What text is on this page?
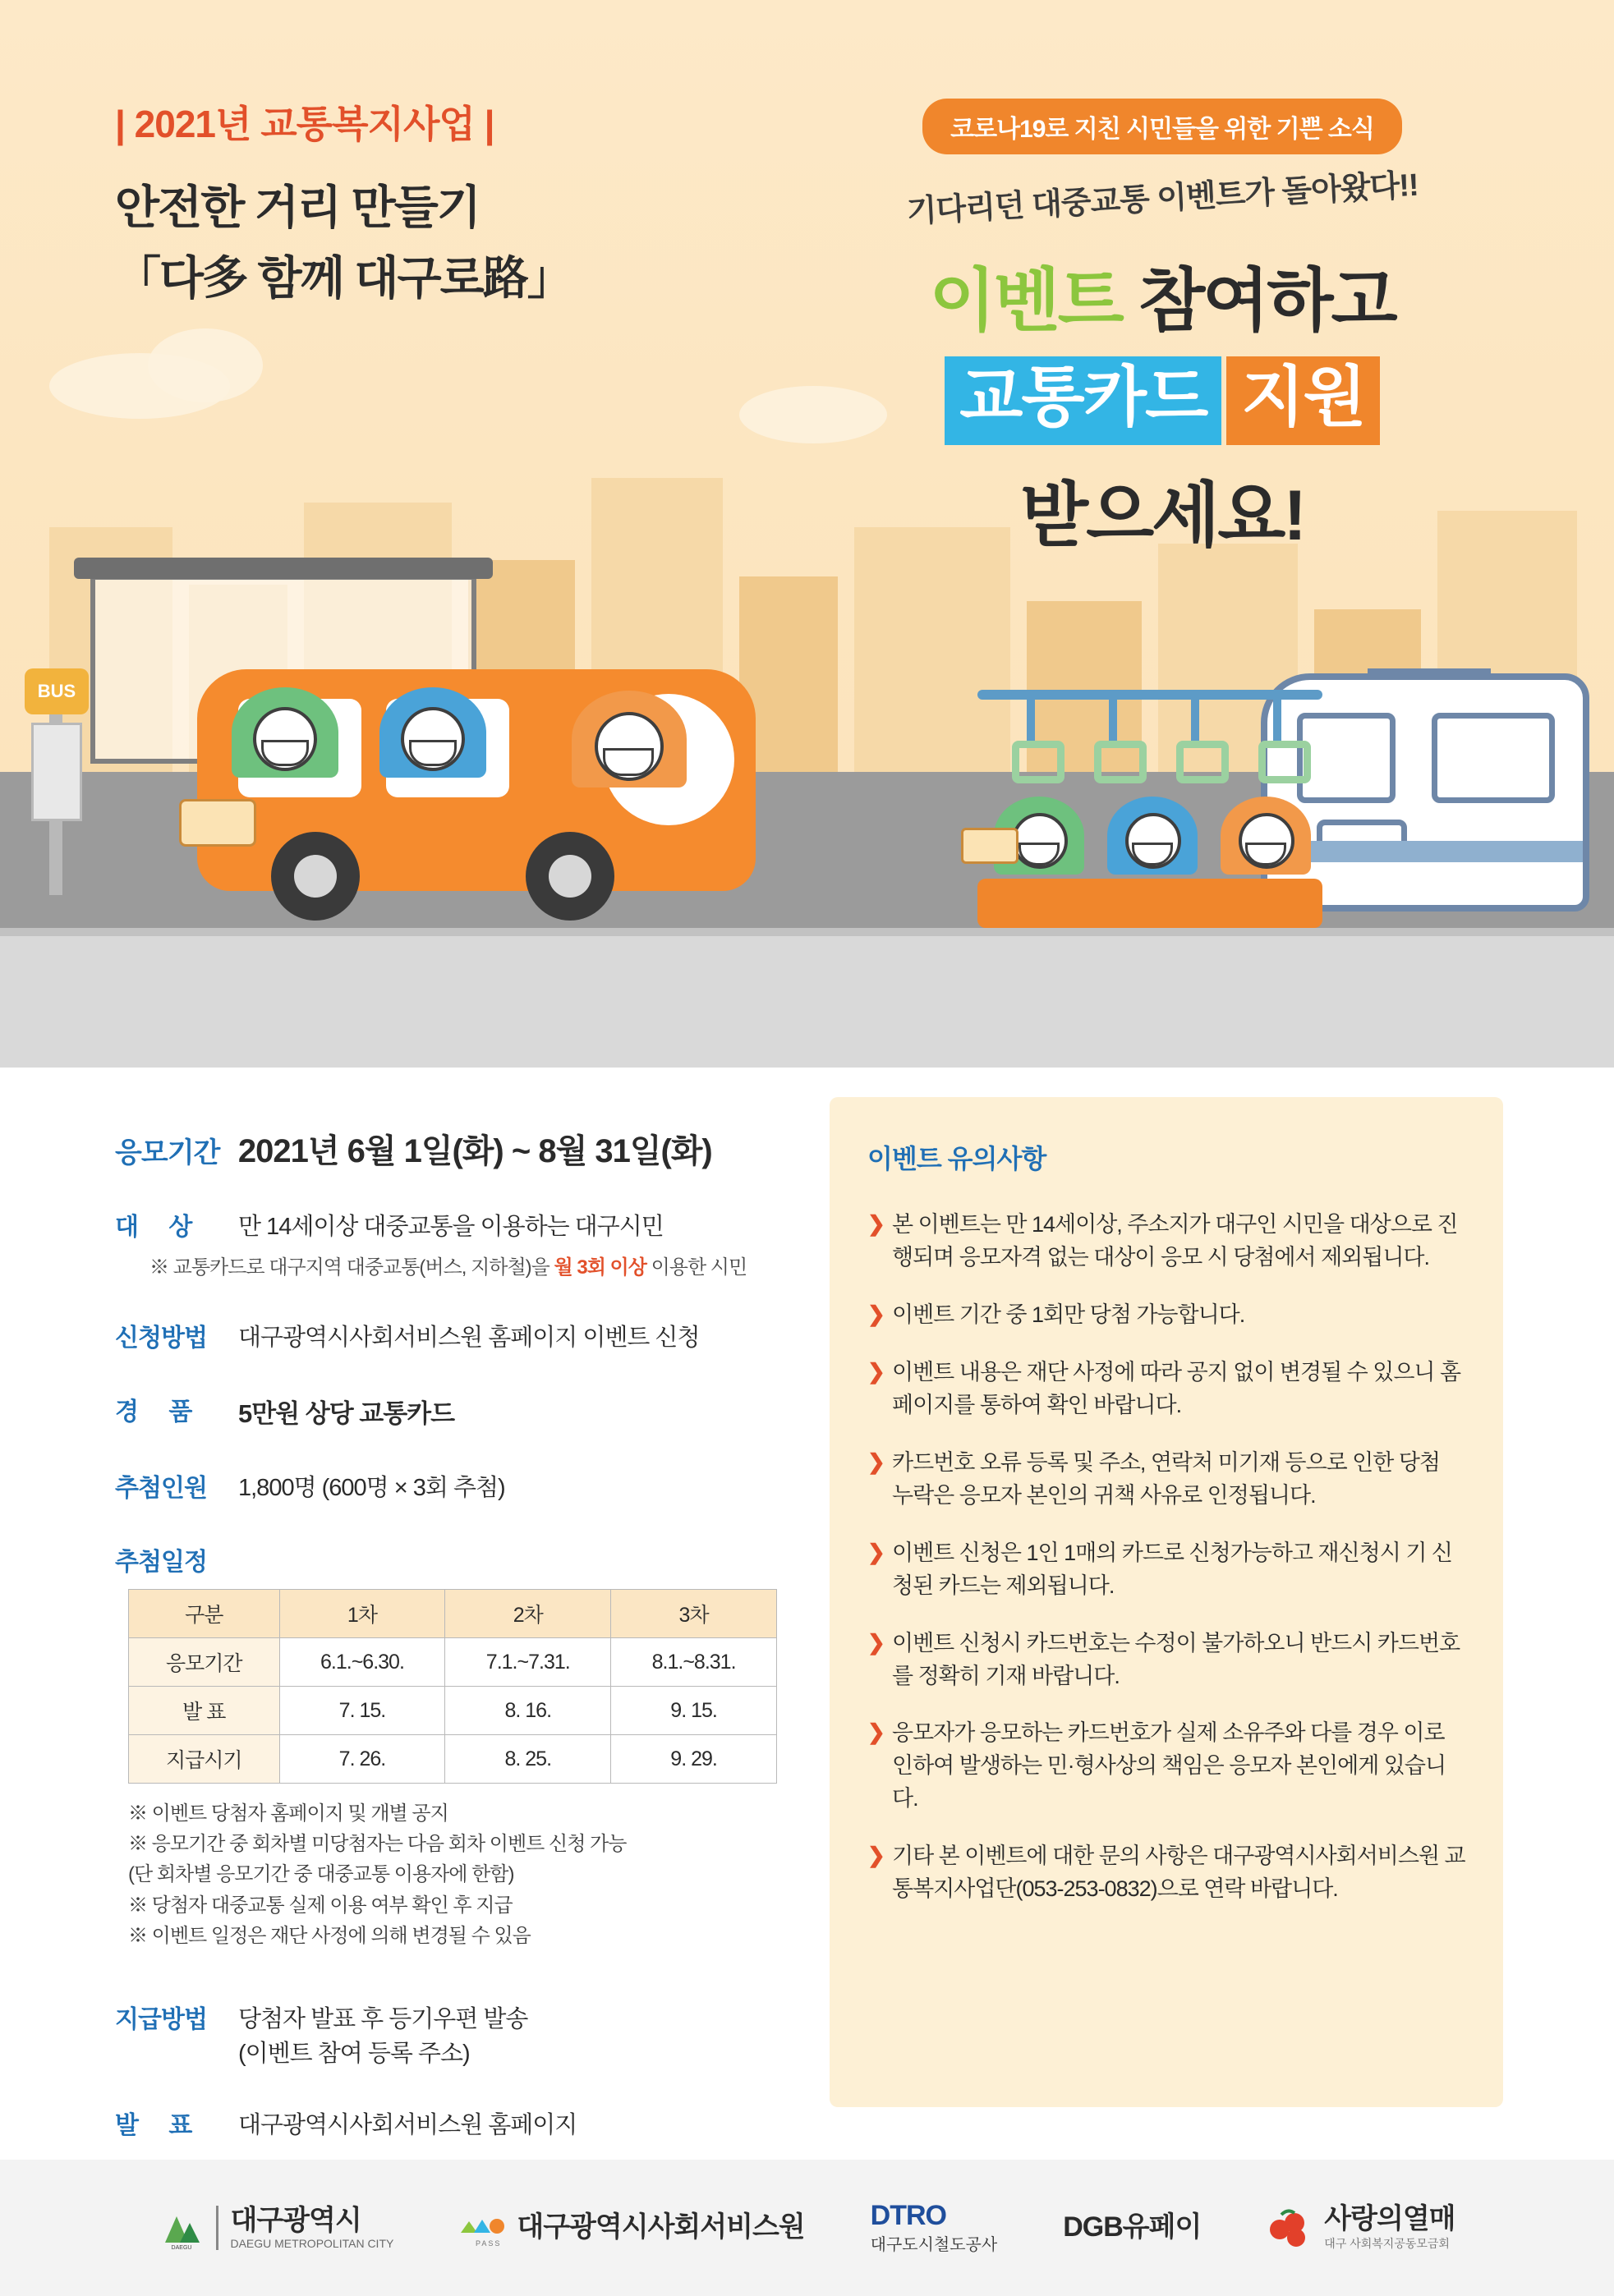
| 2021년 교통복지사업 |
안전한 거리 만들기
「다多 함께 대구로路」
코로나19로 지친 시민들을 위한 기쁜 소식
기다리던 대중교통 이벤트가 돌아왔다!!
이벤트 참여하고
교통카드 지원
받으세요!
BUS
응모기간 2021년 6월 1일(화) ~ 8월 31일(화)
대 상	만 14세이상 대중교통을 이용하는 대구시민
※ 교통카드로 대구지역 대중교통(버스, 지하철)을 월 3회 이상 이용한 시민
신청방법	대구광역시사회서비스원 홈페이지 이벤트 신청
경 품	5만원 상당 교통카드
추첨인원	1,800명 (600명 × 3회 추첨)
추첨일정
구분	1차	2차	3차
응모기간	6.1.~6.30.	7.1.~7.31.	8.1.~8.31.
발 표	7. 15.	8. 16.	9. 15.
지급시기	7. 26.	8. 25.	9. 29.
※ 이벤트 당첨자 홈페이지 및 개별 공지
※ 응모기간 중 회차별 미당첨자는 다음 회차 이벤트 신청 가능
(단 회차별 응모기간 중 대중교통 이용자에 한함)
※ 당첨자 대중교통 실제 이용 여부 확인 후 지급
※ 이벤트 일정은 재단 사정에 의해 변경될 수 있음
지급방법	당첨자 발표 후 등기우편 발송
(이벤트 참여 등록 주소)
발 표	대구광역시사회서비스원 홈페이지
이벤트 유의사항
❯ 본 이벤트는 만 14세이상, 주소지가 대구인 시민을 대상으로 진행되며 응모자격 없는 대상이 응모 시 당첨에서 제외됩니다.
❯ 이벤트 기간 중 1회만 당첨 가능합니다.
❯ 이벤트 내용은 재단 사정에 따라 공지 없이 변경될 수 있으니 홈페이지를 통하여 확인 바랍니다.
❯ 카드번호 오류 등록 및 주소, 연락처 미기재 등으로 인한 당첨 누락은 응모자 본인의 귀책 사유로 인정됩니다.
❯ 이벤트 신청은 1인 1매의 카드로 신청가능하고 재신청시 기 신청된 카드는 제외됩니다.
❯ 이벤트 신청시 카드번호는 수정이 불가하오니 반드시 카드번호를 정확히 기재 바랍니다.
❯ 응모자가 응모하는 카드번호가 실제 소유주와 다를 경우 이로 인하여 발생하는 민·형사상의 책임은 응모자 본인에게 있습니다.
❯ 기타 본 이벤트에 대한 문의 사항은 대구광역시사회서비스원 교통복지사업단(053-253-0832)으로 연락 바랍니다.
DAEGU
대구광역시
DAEGU METROPOLITAN CITY	PASS
대구광역시사회서비스원 DTRO
대구도시철도공사
DGB유페이	사랑의열매
대구 사회복지공동모금회
